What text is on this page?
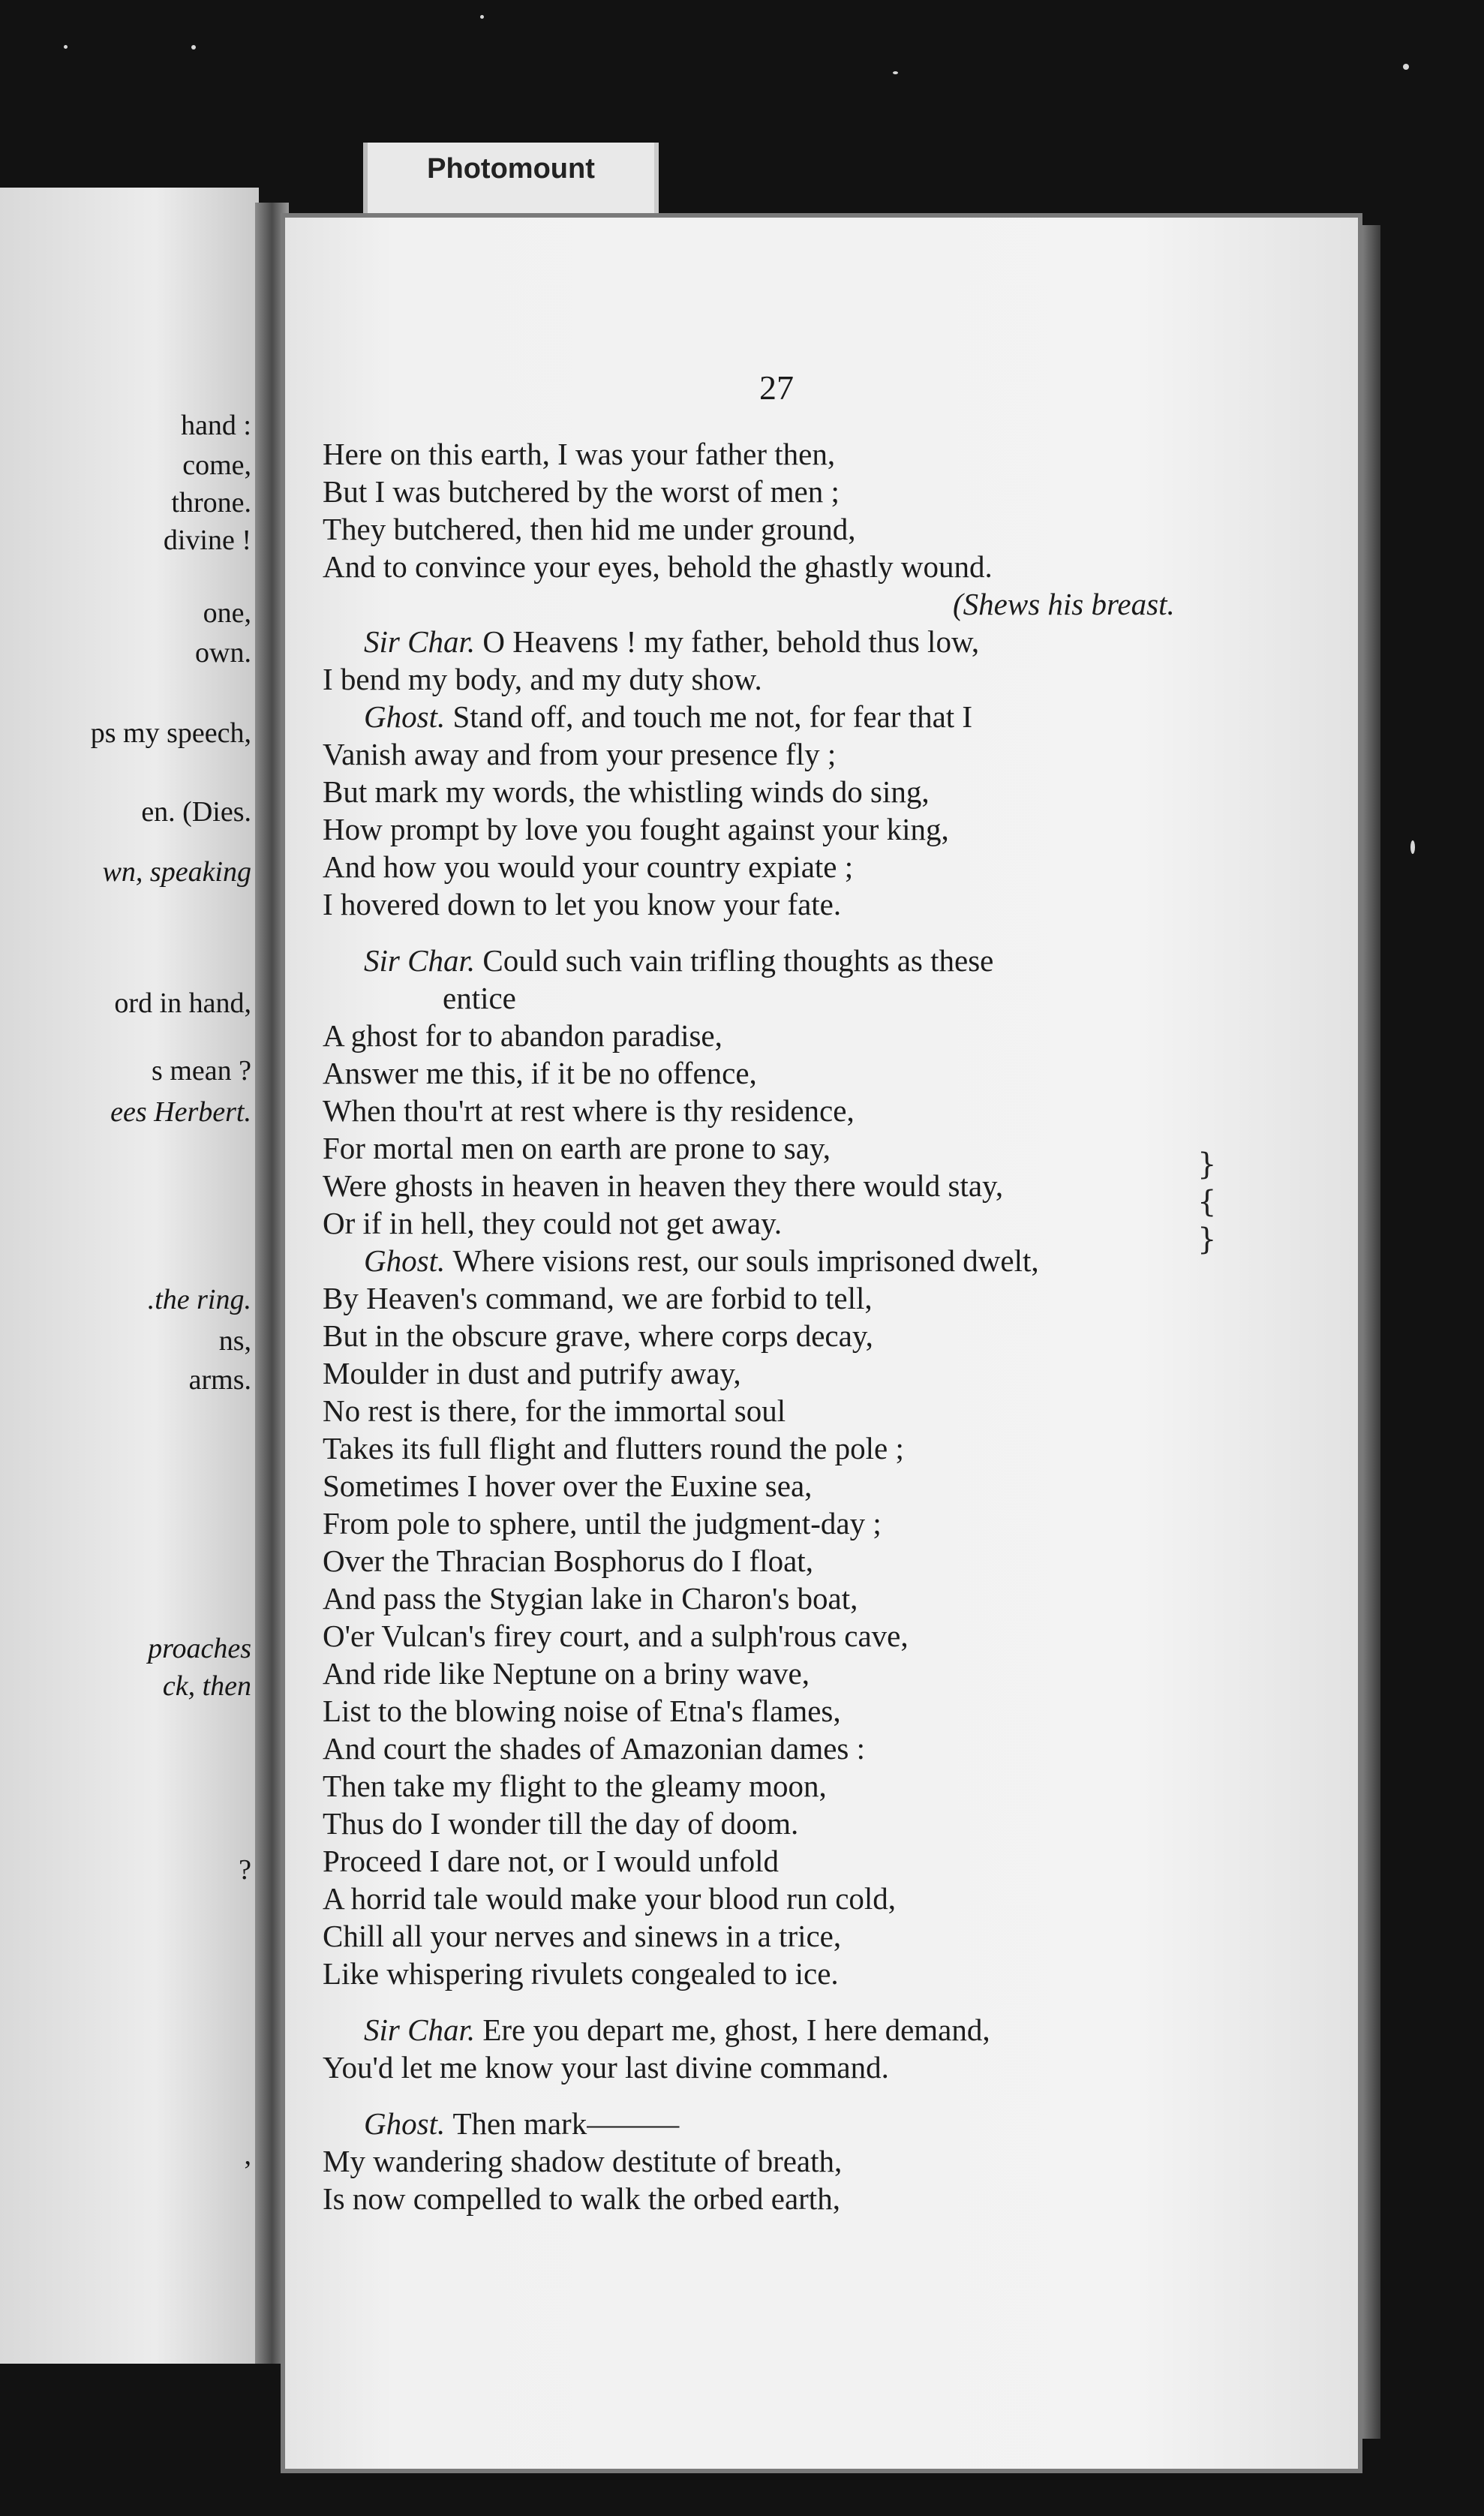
hand :
come,
throne.
divine !
one,
own.
ps my speech,
en. (Dies.
wn, speaking
ord in hand,
s mean ?
ees Herbert.
.the ring.
ns,
arms.
proaches
ck, then
?
,
Photomount
27
Here on this earth, I was your father then,
But I was butchered by the worst of men ;
They butchered, then hid me under ground,
And to convince your eyes, behold the ghastly wound.
(Shews his breast.
Sir Char. O Heavens ! my father, behold thus low,
I bend my body, and my duty show.
Ghost. Stand off, and touch me not, for fear that I
Vanish away and from your presence fly ;
But mark my words, the whistling winds do sing,
How prompt by love you fought against your king,
And how you would your country expiate ;
I hovered down to let you know your fate.
Sir Char. Could such vain trifling thoughts as these
entice
A ghost for to abandon paradise,
Answer me this, if it be no offence,
When thou'rt at rest where is thy residence,
For mortal men on earth are prone to say,
Were ghosts in heaven in heaven they there would stay,
Or if in hell, they could not get away.
Ghost. Where visions rest, our souls imprisoned dwelt,
By Heaven's command, we are forbid to tell,
But in the obscure grave, where corps decay,
Moulder in dust and putrify away,
No rest is there, for the immortal soul
Takes its full flight and flutters round the pole ;
Sometimes I hover over the Euxine sea,
From pole to sphere, until the judgment-day ;
Over the Thracian Bosphorus do I float,
And pass the Stygian lake in Charon's boat,
O'er Vulcan's firey court, and a sulph'rous cave,
And ride like Neptune on a briny wave,
List to the blowing noise of Etna's flames,
And court the shades of Amazonian dames :
Then take my flight to the gleamy moon,
Thus do I wonder till the day of doom.
Proceed I dare not, or I would unfold
A horrid tale would make your blood run cold,
Chill all your nerves and sinews in a trice,
Like whispering rivulets congealed to ice.
Sir Char. Ere you depart me, ghost, I here demand,
You'd let me know your last divine command.
Ghost. Then mark———
My wandering shadow destitute of breath,
Is now compelled to walk the orbed earth,
}
{
}
